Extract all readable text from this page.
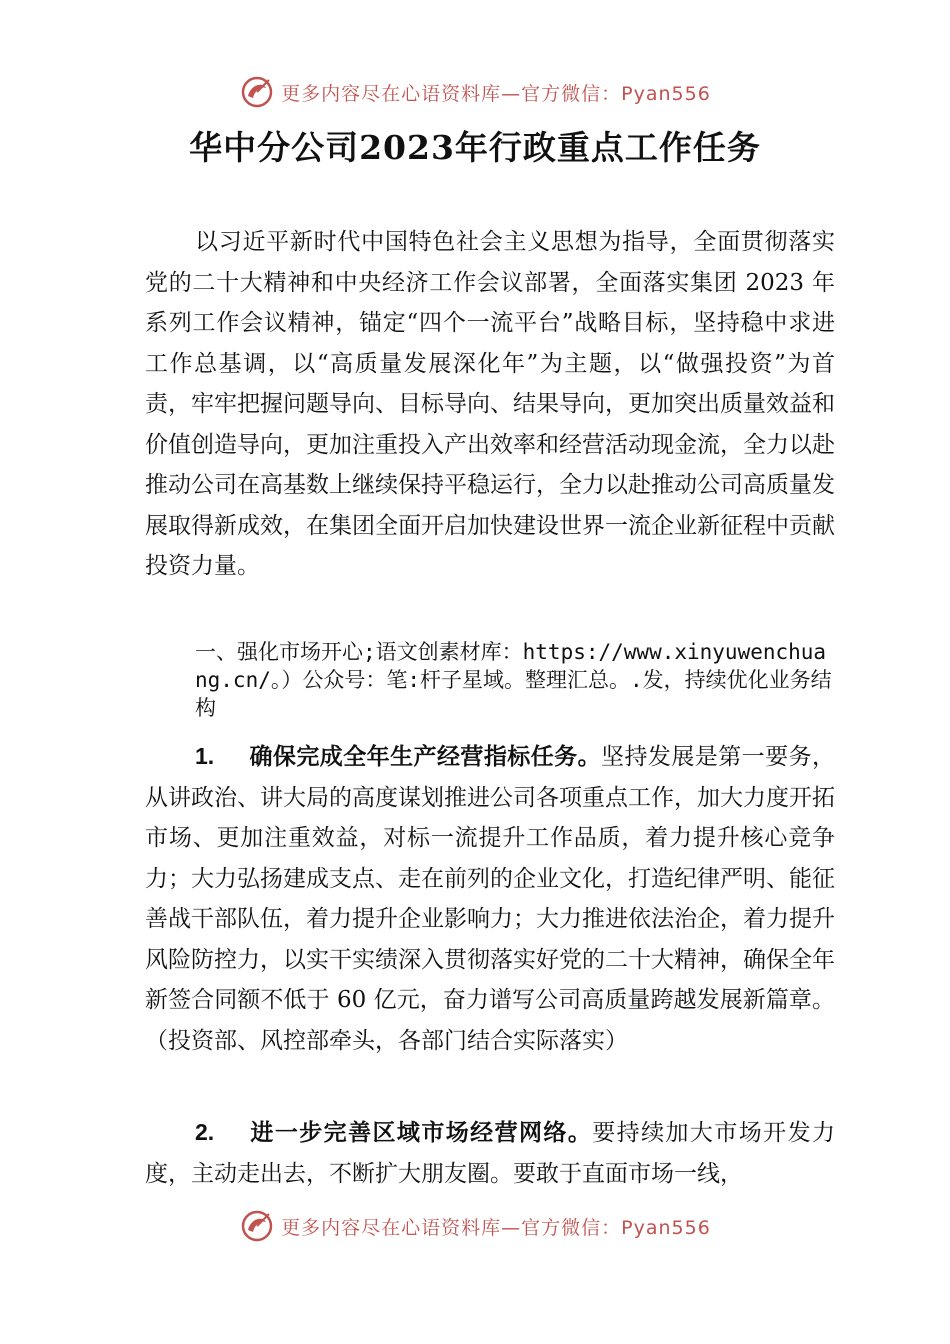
更多内容尽在心语资料库—官方微信：Pyan556
华中分公司2023年行政重点工作任务

以习近平新时代中国特色社会主义思想为指导，全面贯彻落实党的二十大精神和中央经济工作会议部署，全面落实集团 2023 年系列工作会议精神，锚定“四个一流平台”战略目标，坚持稳中求进工作总基调，以“高质量发展深化年”为主题，以“做强投资”为首责，牢牢把握问题导向、目标导向、结果导向，更加突出质量效益和价值创造导向，更加注重投入产出效率和经营活动现金流，全力以赴推动公司在高基数上继续保持平稳运行，全力以赴推动公司高质量发展取得新成效，在集团全面开启加快建设世界一流企业新征程中贡献投资力量。

一、强化市场开心;语文创素材库：https://www.xinyuwenchuang.cn/。）公众号：笔:杆子星域。整理汇总。.发，持续优化业务结构

1. 确保完成全年生产经营指标任务。坚持发展是第一要务，从讲政治、讲大局的高度谋划推进公司各项重点工作，加大力度开拓市场、更加注重效益，对标一流提升工作品质，着力提升核心竞争力；大力弘扬建成支点、走在前列的企业文化，打造纪律严明、能征善战干部队伍，着力提升企业影响力；大力推进依法治企，着力提升风险防控力，以实干实绩深入贯彻落实好党的二十大精神，确保全年新签合同额不低于 60 亿元，奋力谱写公司高质量跨越发展新篇章。（投资部、风控部牵头，各部门结合实际落实）

2. 进一步完善区域市场经营网络。要持续加大市场开发力度，主动走出去，不断扩大朋友圈。要敢于直面市场一线，

更多内容尽在心语资料库—官方微信：Pyan556
